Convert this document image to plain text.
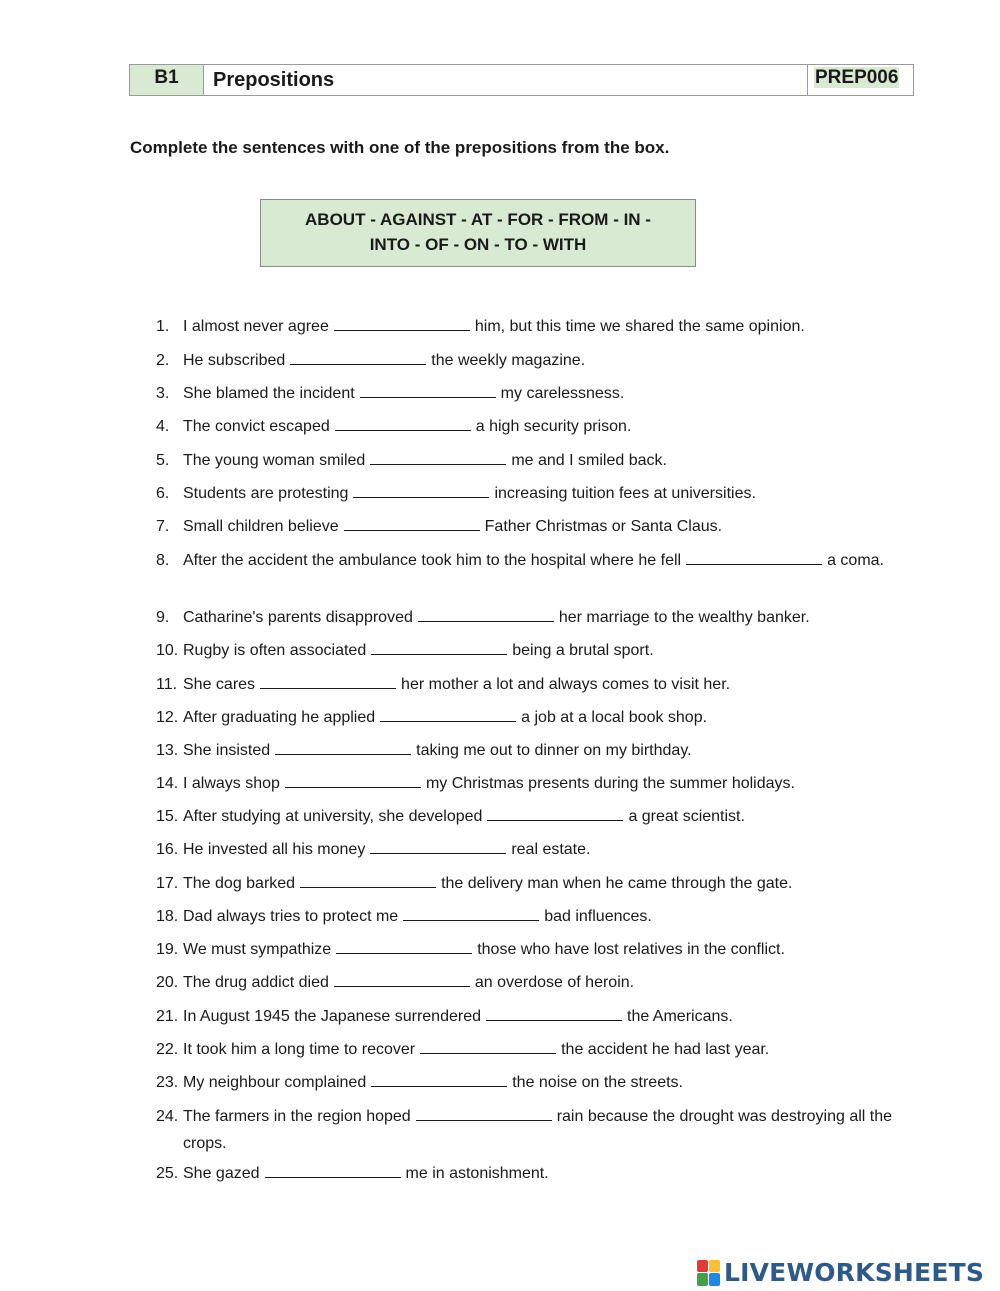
B1	Prepositions	PREP006
Complete the sentences with one of the prepositions from the box.
ABOUT - AGAINST - AT - FOR - FROM - IN -
INTO - OF - ON - TO - WITH
1. I almost never agree	him, but this time we shared the same opinion.
2. He subscribed	the weekly magazine.
3. She blamed the incident	my carelessness.
4. The convict escaped	a high security prison.
5. The young woman smiled	me and I smiled back.
6. Students are protesting	increasing tuition fees at universities.
7. Small children believe	Father Christmas or Santa Claus.
8. After the accident the ambulance took him to the hospital where he fell	a coma.
9. Catharine's parents disapproved	her marriage to the wealthy banker.
10. Rugby is often associated	being a brutal sport.
11. She cares	her mother a lot and always comes to visit her.
12. After graduating he applied	a job at a local book shop.
13. She insisted	taking me out to dinner on my birthday.
14. I always shop	my Christmas presents during the summer holidays.
15. After studying at university, she developed	a great scientist.
16. He invested all his money	real estate.
17. The dog barked	the delivery man when he came through the gate.
18. Dad always tries to protect me	bad influences.
19. We must sympathize	those who have lost relatives in the conflict.
20. The drug addict died	an overdose of heroin.
21. In August 1945 the Japanese surrendered	the Americans.
22. It took him a long time to recover	the accident he had last year.
23. My neighbour complained	the noise on the streets.
24. The farmers in the region hoped	rain because the drought was destroying all the crops.
25. She gazed	me in astonishment.
LIVEWORKSHEETS
